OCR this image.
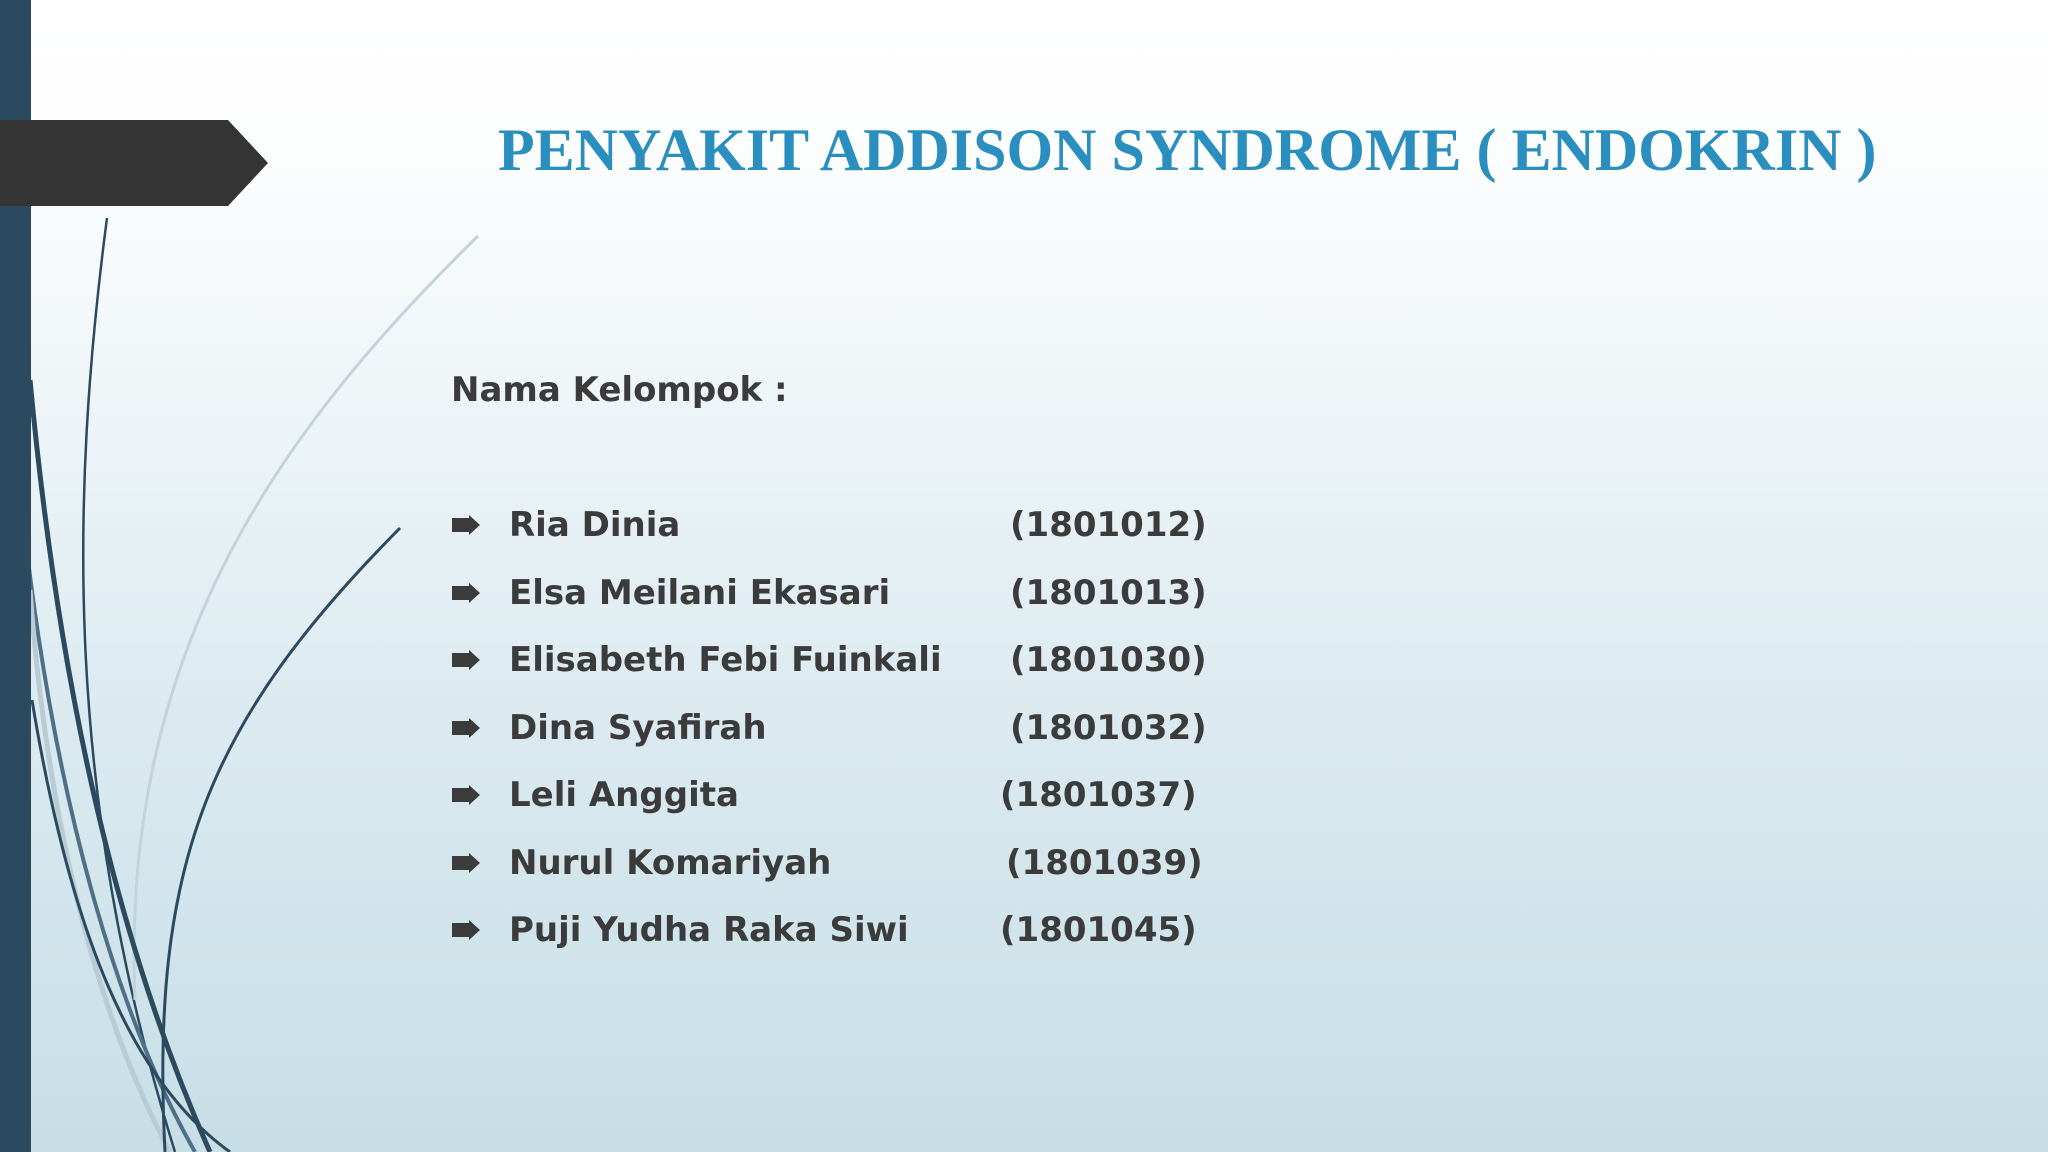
PENYAKIT ADDISON SYNDROME ( ENDOKRIN )
Nama Kelompok :
Ria Dinia	(1801012)
Elsa Meilani Ekasari	(1801013)
Elisabeth Febi Fuinkali (1801030)
Dina Syafirah	(1801032)
Leli Anggita	(1801037)
Nurul Komariyah	(1801039)
Puji Yudha Raka Siwi	(1801045)
